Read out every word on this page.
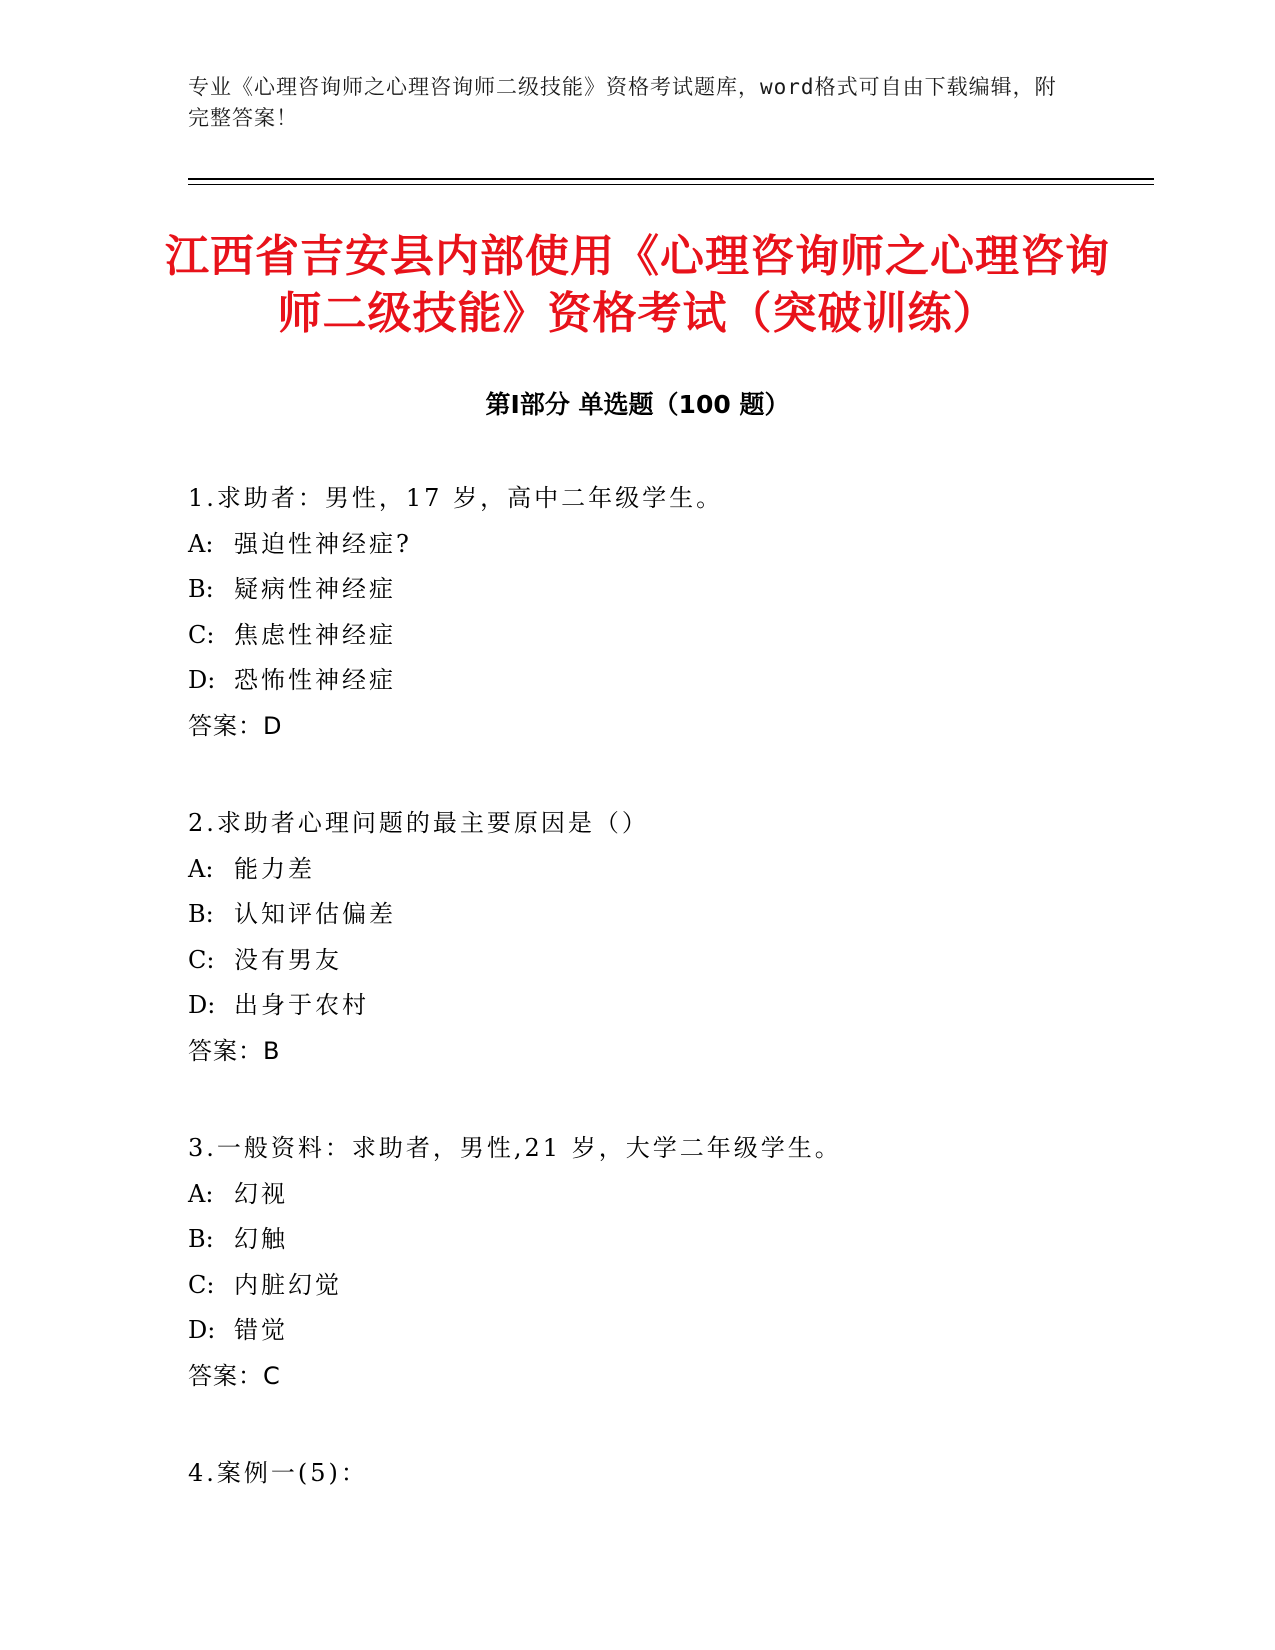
专业《心理咨询师之心理咨询师二级技能》资格考试题库，word格式可自由下载编辑，附完整答案！
江西省吉安县内部使用《心理咨询师之心理咨询师二级技能》资格考试（突破训练）
第Ⅰ部分 单选题（100 题）
1.求助者：男性，17 岁，高中二年级学生。
A: 强迫性神经症?
B: 疑病性神经症
C: 焦虑性神经症
D: 恐怖性神经症
答案：D
2.求助者心理问题的最主要原因是（）
A: 能力差
B: 认知评估偏差
C: 没有男友
D: 出身于农村
答案：B
3.一般资料：求助者，男性,21 岁，大学二年级学生。
A: 幻视
B: 幻触
C: 内脏幻觉
D: 错觉
答案：C
4.案例一(5)：
